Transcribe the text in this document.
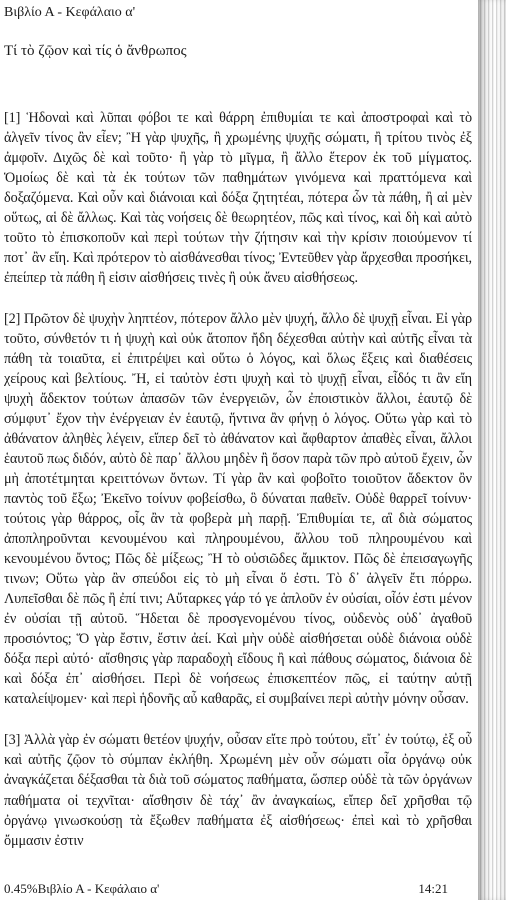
Βιβλίο Α - Κεφάλαιο α'
Τί τὸ ζῷον καὶ τίς ὁ ἄνθρωπος

[1] Ἡδοναὶ καὶ λῦπαι φόβοι τε καὶ θάρρη ἐπιθυμίαι τε καὶ ἀποστροφαὶ καὶ τὸ ἀλγεῖν τίνος ἂν εἶεν; Ἢ γὰρ ψυχῆς, ἢ χρωμένης ψυχῆς σώματι, ἢ τρίτου τινὸς ἐξ ἀμφοῖν. Διχῶς δὲ καὶ τοῦτο· ἢ γὰρ τὸ μῖγμα, ἢ ἄλλο ἕτερον ἐκ τοῦ μίγματος. Ὁμοίως δὲ καὶ τὰ ἐκ τούτων τῶν παθημάτων γινόμενα καὶ πραττόμενα καὶ δοξαζόμενα. Καὶ οὖν καὶ διάνοιαι καὶ δόξα ζητητέαι, πότερα ὧν τὰ πάθη, ἢ αἱ μὲν οὕτως, αἱ δὲ ἄλλως. Καὶ τὰς νοήσεις δὲ θεωρητέον, πῶς καὶ τίνος, καὶ δὴ καὶ αὐτὸ τοῦτο τὸ ἐπισκοποῦν καὶ περὶ τούτων τὴν ζήτησιν καὶ τὴν κρίσιν ποιούμενον τί ποτ᾽ ἂν εἴη. Καὶ πρότερον τὸ αἰσθάνεσθαι τίνος; Ἐντεῦθεν γὰρ ἄρχεσθαι προσήκει, ἐπείπερ τὰ πάθη ἢ εἰσιν αἰσθήσεις τινὲς ἢ οὐκ ἄνευ αἰσθήσεως.

[2] Πρῶτον δὲ ψυχὴν ληπτέον, πότερον ἄλλο μὲν ψυχή, ἄλλο δὲ ψυχῇ εἶναι. Εἰ γὰρ τοῦτο, σύνθετόν τι ἡ ψυχὴ καὶ οὐκ ἄτοπον ἤδη δέχεσθαι αὐτὴν καὶ αὐτῆς εἶναι τὰ πάθη τὰ τοιαῦτα, εἰ ἐπιτρέψει καὶ οὕτω ὁ λόγος, καὶ ὅλως ἕξεις καὶ διαθέσεις χείρους καὶ βελτίους. Ἤ, εἰ ταὐτὸν ἐστι ψυχὴ καὶ τὸ ψυχῇ εἶναι, εἶδός τι ἂν εἴη ψυχὴ ἄδεκτον τούτων ἁπασῶν τῶν ἐνεργειῶν, ὧν ἐποιστικὸν ἄλλοι, ἑαυτῷ δὲ σύμφυτ᾽ ἔχον τὴν ἐνέργειαν ἐν ἑαυτῷ, ἥντινα ἂν φήνῃ ὁ λόγος. Οὕτω γὰρ καὶ τὸ ἀθάνατον ἀληθὲς λέγειν, εἴπερ δεῖ τὸ ἀθάνατον καὶ ἄφθαρτον ἀπαθὲς εἶναι, ἄλλοι ἑαυτοῦ πως διδόν, αὐτὸ δὲ παρ᾽ ἄλλου μηδὲν ἢ ὅσον παρὰ τῶν πρὸ αὐτοῦ ἔχειν, ὧν μὴ ἀποτέτμηται κρειττόνων ὄντων. Τί γὰρ ἂν καὶ φοβοῖτο τοιοῦτον ἄδεκτον ὂν παντὸς τοῦ ἔξω; Ἐκεῖνο τοίνυν φοβείσθω, ὃ δύναται παθεῖν. Οὐδὲ θαρρεῖ τοίνυν· τούτοις γὰρ θάρρος, οἷς ἂν τὰ φοβερὰ μὴ παρῇ. Ἐπιθυμίαι τε, αἳ διὰ σώματος ἀποπληροῦνται κενουμένου καὶ πληρουμένου, ἄλλου τοῦ πληρουμένου καὶ κενουμένου ὄντος; Πῶς δὲ μίξεως; Ἢ τὸ οὐσιῶδες ἄμικτον. Πῶς δὲ ἐπεισαγωγῆς τινων; Οὕτω γὰρ ἂν σπεύδοι εἰς τὸ μὴ εἶναι ὅ ἐστι. Τὸ δ᾽ ἀλγεῖν ἔτι πόρρω. Λυπεῖσθαι δὲ πῶς ἢ ἐπί τινι; Αὔταρκες γάρ τό γε ἁπλοῦν ἐν οὐσίαι, οἷόν ἐστι μένον ἐν οὐσίαι τῇ αὐτοῦ. Ἥδεται δὲ προσγενομένου τίνος, οὐδενὸς οὐδ᾽ ἀγαθοῦ προσιόντος; Ὅ γὰρ ἔστιν, ἔστιν ἀεί. Καὶ μὴν οὐδὲ αἰσθήσεται οὐδὲ διάνοια οὐδὲ δόξα περὶ αὐτό· αἴσθησις γὰρ παραδοχὴ εἴδους ἢ καὶ πάθους σώματος, διάνοια δὲ καὶ δόξα ἐπ᾽ αἰσθήσει. Περὶ δὲ νοήσεως ἐπισκεπτέον πῶς, εἰ ταύτην αὐτῇ καταλείψομεν· καὶ περὶ ἡδονῆς αὖ καθαρᾶς, εἰ συμβαίνει περὶ αὐτὴν μόνην οὖσαν.

[3] Ἀλλὰ γὰρ ἐν σώματι θετέον ψυχήν, οὖσαν εἴτε πρὸ τούτου, εἴτ᾽ ἐν τούτῳ, ἐξ οὗ καὶ αὐτῆς ζῷον τὸ σύμπαν ἐκλήθη. Χρωμένη μὲν οὖν σώματι οἷα ὀργάνῳ οὐκ ἀναγκάζεται δέξασθαι τὰ διὰ τοῦ σώματος παθήματα, ὥσπερ οὐδὲ τὰ τῶν ὀργάνων παθήματα οἱ τεχνῖται· αἴσθησιν δὲ τάχ᾽ ἂν ἀναγκαίως, εἴπερ δεῖ χρῆσθαι τῷ ὀργάνῳ γινωσκούσῃ τὰ ἔξωθεν παθήματα ἐξ αἰσθήσεως· ἐπεὶ καὶ τὸ χρῆσθαι ὄμμασιν ἐστιν

0.45%Βιβλίο Α - Κεφάλαιο α'	14:21
